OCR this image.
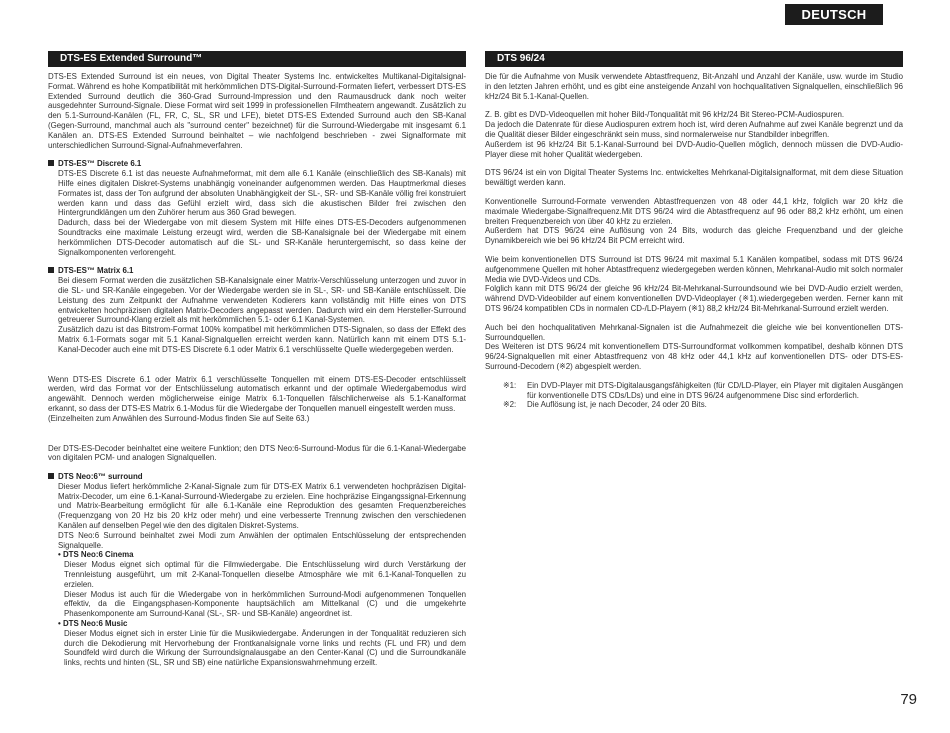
DEUTSCH
DTS-ES Extended Surround™

DTS-ES Extended Surround ist ein neues, von Digital Theater Systems Inc. entwickeltes Multikanal-Digitalsignal-Format. Während es hohe Kompatibilität mit herkömmlichen DTS-Digital-Surround-Formaten liefert, verbessert DTS-ES Extended Surround deutlich die 360-Grad Surround-Impression und den Raumausdruck dank noch weiter ausgedehnter Surround-Signale. Diese Format wird seit 1999 in professionellen Filmtheatern angewandt. Zusätzlich zu den 5.1-Surround-Kanälen (FL, FR, C, SL, SR und LFE), bietet DTS-ES Extended Surround auch den SB-Kanal (Gegen-Surround, manchmal auch als "surround center" bezeichnet) für die Surround-Wiedergabe mit insgesamt 6.1 Kanälen an. DTS-ES Extended Surround beinhaltet – wie nachfolgend beschrieben - zwei Signalformate mit unterschiedlichen Surround-Signal-Aufnahmeverfahren.

DTS-ES™ Discrete 6.1

DTS-ES Discrete 6.1 ist das neueste Aufnahmeformat, mit dem alle 6.1 Kanäle (einschließlich des SB-Kanals) mit Hilfe eines digitalen Diskret-Systems unabhängig voneinander aufgenommen werden. Das Hauptmerkmal dieses Formates ist, dass der Ton aufgrund der absoluten Unabhängigkeit der SL-, SR- und SB-Kanäle völlig frei konstruiert werden kann und dass das Gefühl erzielt wird, dass sich die akustischen Bilder frei zwischen den Hintergrundklängen um den Zuhörer herum aus 360 Grad bewegen.

Dadurch, dass bei der Wiedergabe von mit diesem System mit Hilfe eines DTS-ES-Decoders aufgenommenen Soundtracks eine maximale Leistung erzeugt wird, werden die SB-Kanalsignale bei der Wiedergabe mit einem herkömmlichen DTS-Decoder automatisch auf die SL- und SR-Kanäle heruntergemischt, so dass keine der Signalkomponenten verlorengeht.

DTS-ES™ Matrix 6.1

Bei diesem Format werden die zusätzlichen SB-Kanalsignale einer Matrix-Verschlüsselung unterzogen und zuvor in die SL- und SR-Kanäle eingegeben. Vor der Wiedergabe werden sie in SL-, SR- und SB-Kanäle entschlüsselt. Die Leistung des zum Zeitpunkt der Aufnahme verwendeten Kodierers kann vollständig mit Hilfe eines von DTS entwickelten hochpräzisen digitalen Matrix-Decoders angepasst werden. Dadurch wird ein dem Hersteller-Surround getreuerer Surround-Klang erzielt als mit herkömmlichen 5.1- oder 6.1 Kanal-Systemen.

Zusätzlich dazu ist das Bitstrom-Format 100% kompatibel mit herkömmlichen DTS-Signalen, so dass der Effekt des Matrix 6.1-Formats sogar mit 5.1 Kanal-Signalquellen erreicht werden kann. Natürlich kann mit einem DTS 5.1-Kanal-Decoder auch eine mit DTS-ES Discrete 6.1 oder Matrix 6.1 verschlüsselte Quelle wiedergegeben werden.

Wenn DTS-ES Discrete 6.1 oder Matrix 6.1 verschlüsselte Tonquellen mit einem DTS-ES-Decoder entschlüsselt werden, wird das Format vor der Entschlüsselung automatisch erkannt und der optimale Wiedergabemodus wird angewählt. Dennoch werden möglicherweise einige Matrix 6.1-Tonquellen fälschlicherweise als 5.1-Kanalformat erkannt, so dass der DTS-ES Matrix 6.1-Modus für die Wiedergabe der Tonquellen manuell eingestellt werden muss.

(Einzelheiten zum Anwählen des Surround-Modus finden Sie auf Seite 63.)

Der DTS-ES-Decoder beinhaltet eine weitere Funktion; den DTS Neo:6-Surround-Modus für die 6.1-Kanal-Wiedergabe von digitalen PCM- und analogen Signalquellen.

DTS Neo:6™ surround

Dieser Modus liefert herkömmliche 2-Kanal-Signale zum für DTS-EX Matrix 6.1 verwendeten hochpräzisen Digital-Matrix-Decoder, um eine 6.1-Kanal-Surround-Wiedergabe zu erzielen. Eine hochpräzise Eingangssignal-Erkennung und Matrix-Bearbeitung ermöglicht für alle 6.1-Kanäle eine Reproduktion des gesamten Frequenzbereiches (Frequenzgang von 20 Hz bis 20 kHz oder mehr) und eine verbesserte Trennung zwischen den verschiedenen Kanälen auf denselben Pegel wie den des digitalen Diskret-Systems.

DTS Neo:6 Surround beinhaltet zwei Modi zum Anwählen der optimalen Entschlüsselung der entsprechenden Signalquelle.

• DTS Neo:6 Cinema

Dieser Modus eignet sich optimal für die Filmwiedergabe. Die Entschlüsselung wird durch Verstärkung der Trennleistung ausgeführt, um mit 2-Kanal-Tonquellen dieselbe Atmosphäre wie mit 6.1-Kanal-Tonquellen zu erzielen.

Dieser Modus ist auch für die Wiedergabe von in herkömmlichen Surround-Modi aufgenommenen Tonquellen effektiv, da die Eingangsphasen-Komponente hauptsächlich am Mittelkanal (C) und die umgekehrte Phasenkomponente am Surround-Kanal (SL-, SR- und SB-Kanäle) angeordnet ist.

• DTS Neo:6 Music

Dieser Modus eignet sich in erster Linie für die Musikwiedergabe. Änderungen in der Tonqualität reduzieren sich durch die Dekodierung mit Hervorhebung der Frontkanalsignale vorne links und rechts (FL und FR) und dem Soundfeld wird durch die Wirkung der Surroundsignalausgabe an den Center-Kanal (C) und die Surroundkanäle links, rechts und hinten (SL, SR und SB) eine natürliche Expansionswahrnehmung erzeilt.

DTS 96/24

Die für die Aufnahme von Musik verwendete Abtastfrequenz, Bit-Anzahl und Anzahl der Kanäle, usw. wurde im Studio in den letzten Jahren erhöht, und es gibt eine ansteigende Anzahl von hochqualitativen Signalquellen, einschließlich 96 kHz/24 Bit 5.1-Kanal-Quellen.

Z. B. gibt es DVD-Videoquellen mit hoher Bild-/Tonqualität mit 96 kHz/24 Bit Stereo-PCM-Audiospuren.

Da jedoch die Datenrate für diese Audiospuren extrem hoch ist, wird deren Aufnahme auf zwei Kanäle begrenzt und da die Qualität dieser Bilder eingeschränkt sein muss, sind normalerweise nur Standbilder inbegriffen.

Außerdem ist 96 kHz/24 Bit 5.1-Kanal-Surround bei DVD-Audio-Quellen möglich, dennoch müssen die DVD-Audio-Player diese mit hoher Qualität wiedergeben.

DTS 96/24 ist ein von Digital Theater Systems Inc. entwickeltes Mehrkanal-Digitalsignalformat, mit dem diese Situation bewältigt werden kann.

Konventionelle Surround-Formate verwenden Abtastfrequenzen von 48 oder 44,1 kHz, folglich war 20 kHz die maximale Wiedergabe-Signalfrequenz.Mit DTS 96/24 wird die Abtastfrequenz auf 96 oder 88,2 kHz erhöht, um einen breiten Frequenzbereich von über 40 kHz zu erzielen.

Außerdem hat DTS 96/24 eine Auflösung von 24 Bits, wodurch das gleiche Frequenzband und der gleiche Dynamikbereich wie bei 96 kHz/24 Bit PCM erreicht wird.

Wie beim konventionellen DTS Surround ist DTS 96/24 mit maximal 5.1 Kanälen kompatibel, sodass mit DTS 96/24 aufgenommene Quellen mit hoher Abtastfrequenz wiedergegeben werden können, Mehrkanal-Audio mit solch normaler Media wie DVD-Videos und CDs.

Folglich kann mit DTS 96/24 der gleiche 96 kHz/24 Bit-Mehrkanal-Surroundsound wie bei DVD-Audio erzielt werden, während DVD-Videobilder auf einem konventionellen DVD-Videoplayer (※1).wiedergegeben werden. Ferner kann mit DTS 96/24 kompatiblen CDs in normalen CD-/LD-Playern (※1) 88,2 kHz/24 Bit-Mehrkanal-Surround erzielt werden.

Auch bei den hochqualitativen Mehrkanal-Signalen ist die Aufnahmezeit die gleiche wie bei konventionellen DTS-Surroundquellen.

Des Weiteren ist DTS 96/24 mit konventionellem DTS-Surroundformat vollkommen kompatibel, deshalb können DTS 96/24-Signalquellen mit einer Abtastfrequenz von 48 kHz oder 44,1 kHz auf konventionellen DTS- oder DTS-ES-Surround-Decodern (※2) abgespielt werden.

※1:	Ein DVD-Player mit DTS-Digitalausgangsfähigkeiten (für CD/LD-Player, ein Player mit digitalen Ausgängen für konventionelle DTS CDs/LDs) und eine in DTS 96/24 aufgenommene Disc sind erforderlich.
※2:	Die Auflösung ist, je nach Decoder, 24 oder 20 Bits.
79
